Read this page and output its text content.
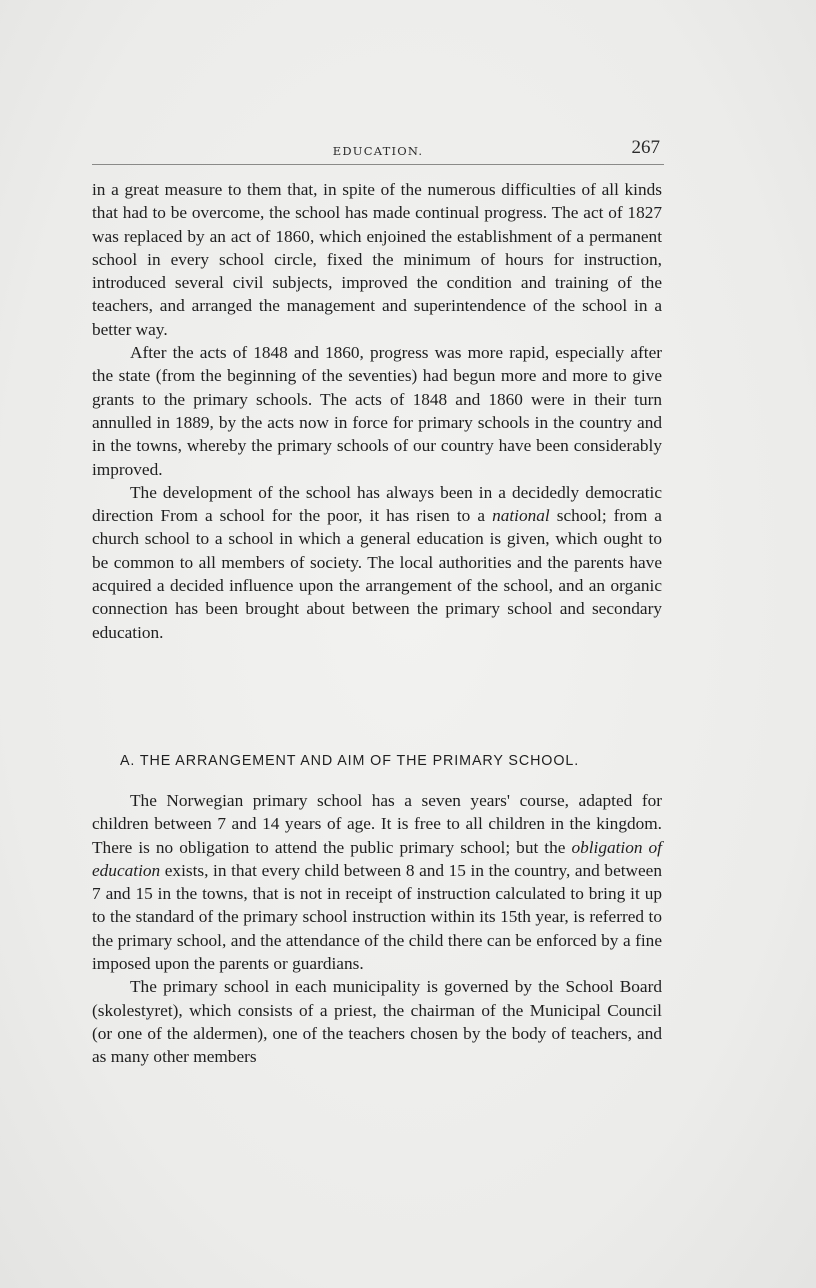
EDUCATION.	267

in a great measure to them that, in spite of the numerous difficulties of all kinds that had to be overcome, the school has made continual progress. The act of 1827 was replaced by an act of 1860, which enjoined the establishment of a permanent school in every school circle, fixed the minimum of hours for instruction, introduced several civil subjects, improved the condition and training of the teachers, and arranged the management and superintendence of the school in a better way.

After the acts of 1848 and 1860, progress was more rapid, especially after the state (from the beginning of the seventies) had begun more and more to give grants to the primary schools. The acts of 1848 and 1860 were in their turn annulled in 1889, by the acts now in force for primary schools in the country and in the towns, whereby the primary schools of our country have been considerably improved.

The development of the school has always been in a decidedly democratic direction From a school for the poor, it has risen to a national school; from a church school to a school in which a general education is given, which ought to be common to all members of society. The local authorities and the parents have acquired a decided influence upon the arrangement of the school, and an organic connection has been brought about between the primary school and secondary education.

A. THE ARRANGEMENT AND AIM OF THE PRIMARY SCHOOL.

The Norwegian primary school has a seven years' course, adapted for children between 7 and 14 years of age. It is free to all children in the kingdom. There is no obligation to attend the public primary school; but the obligation of education exists, in that every child between 8 and 15 in the country, and between 7 and 15 in the towns, that is not in receipt of instruction calculated to bring it up to the standard of the primary school instruction within its 15th year, is referred to the primary school, and the attendance of the child there can be enforced by a fine imposed upon the parents or guardians.

The primary school in each municipality is governed by the School Board (skolestyret), which consists of a priest, the chairman of the Municipal Council (or one of the aldermen), one of the teachers chosen by the body of teachers, and as many other members
